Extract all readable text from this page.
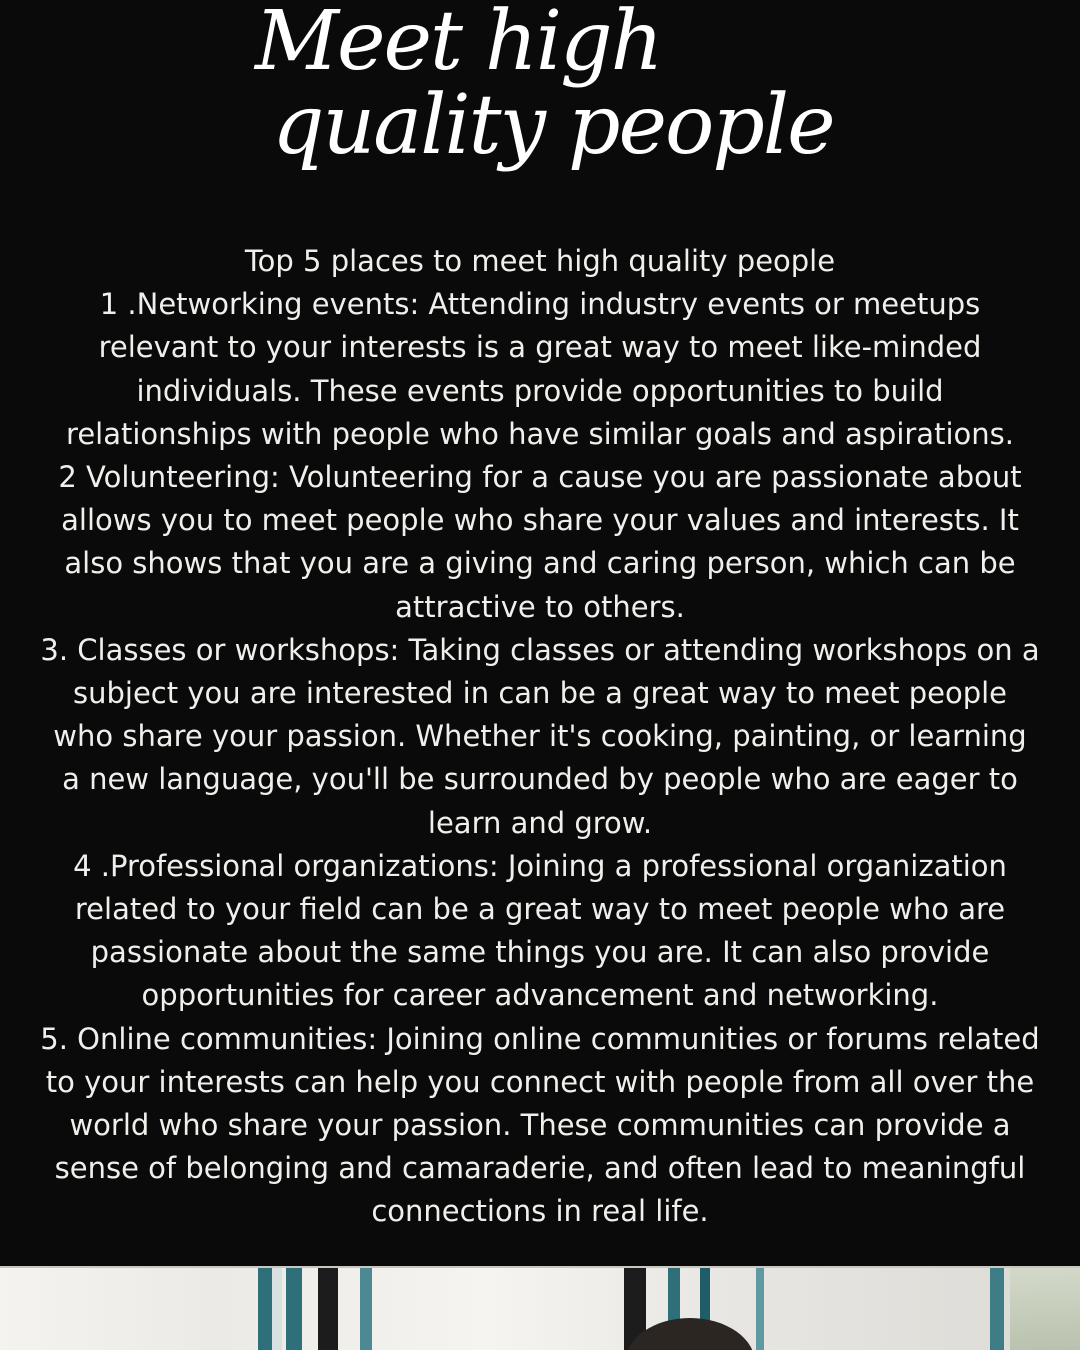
Meet high
quality people

Top 5 places to meet high quality people

1 .Networking events: Attending industry events or meetups relevant to your interests is a great way to meet like-minded individuals. These events provide opportunities to build relationships with people who have similar goals and aspirations.

2 Volunteering: Volunteering for a cause you are passionate about allows you to meet people who share your values and interests. It also shows that you are a giving and caring person, which can be attractive to others.

3. Classes or workshops: Taking classes or attending workshops on a subject you are interested in can be a great way to meet people who share your passion. Whether it's cooking, painting, or learning a new language, you'll be surrounded by people who are eager to learn and grow.

4 .Professional organizations: Joining a professional organization related to your field can be a great way to meet people who are passionate about the same things you are. It can also provide opportunities for career advancement and networking.

5. Online communities: Joining online communities or forums related to your interests can help you connect with people from all over the world who share your passion. These communities can provide a sense of belonging and camaraderie, and often lead to meaningful connections in real life.
